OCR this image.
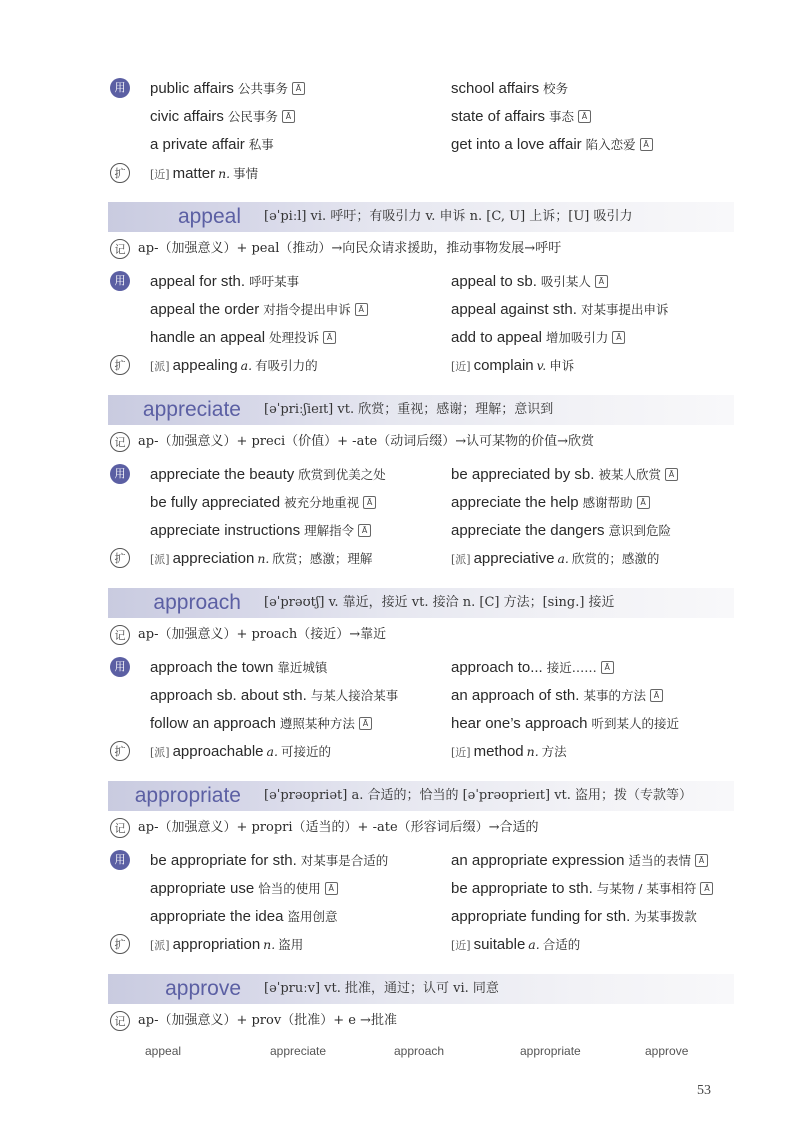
用	public affairs 公共事务 Ā	school affairs 校务
civic affairs 公民事务 Ā	state of affairs 事态 Ā
a private affair 私事	get into a love affair 陷入恋爱 Ā
扩	[近] matter n. 事情
appeal [əˈpiːl] vi. 呼吁；有吸引力 v. 申诉 n. [C, U] 上诉；[U] 吸引力
记 ap-（加强意义）+ peal（推动）→向民众请求援助，推动事物发展→呼吁
用	appeal for sth. 呼吁某事	appeal to sb. 吸引某人 Ā
appeal the order 对指令提出申诉 Ā	appeal against sth. 对某事提出申诉
handle an appeal 处理投诉 Ā	add to appeal 增加吸引力 Ā
扩	[派] appealing a. 有吸引力的	[近] complain v. 申诉
appreciate [əˈpriːʃieɪt] vt. 欣赏；重视；感谢；理解；意识到
记 ap-（加强意义）+ preci（价值）+ -ate（动词后缀）→认可某物的价值→欣赏
用	appreciate the beauty 欣赏到优美之处	be appreciated by sb. 被某人欣赏 Ā
be fully appreciated 被充分地重视 Ā	appreciate the help 感谢帮助 Ā
appreciate instructions 理解指令 Ā	appreciate the dangers 意识到危险
扩	[派] appreciation n. 欣赏；感激；理解	[派] appreciative a. 欣赏的；感激的
approach [əˈprəʊtʃ] v. 靠近，接近 vt. 接洽 n. [C] 方法；[sing.] 接近
记 ap-（加强意义）+ proach（接近）→靠近
用	approach the town 靠近城镇	approach to... 接近…… Ā
approach sb. about sth. 与某人接洽某事	an approach of sth. 某事的方法 Ā
follow an approach 遵照某种方法 Ā	hear one’s approach 听到某人的接近
扩	[派] approachable a. 可接近的	[近] method n. 方法
appropriate [əˈprəʊpriət] a. 合适的；恰当的 [əˈprəʊprieɪt] vt. 盗用；拨（专款等）
记 ap-（加强意义）+ propri（适当的）+ -ate（形容词后缀）→合适的
用	be appropriate for sth. 对某事是合适的	an appropriate expression 适当的表情 Ā
appropriate use 恰当的使用 Ā	be appropriate to sth. 与某物 / 某事相符 Ā
appropriate the idea 盗用创意	appropriate funding for sth. 为某事拨款
扩	[派] appropriation n. 盗用	[近] suitable a. 合适的
approve [əˈpruːv] vt. 批准，通过；认可 vi. 同意
记 ap-（加强意义）+ prov（批准）+ e →批准
appeal	appreciate	approach	appropriate	approve
53
